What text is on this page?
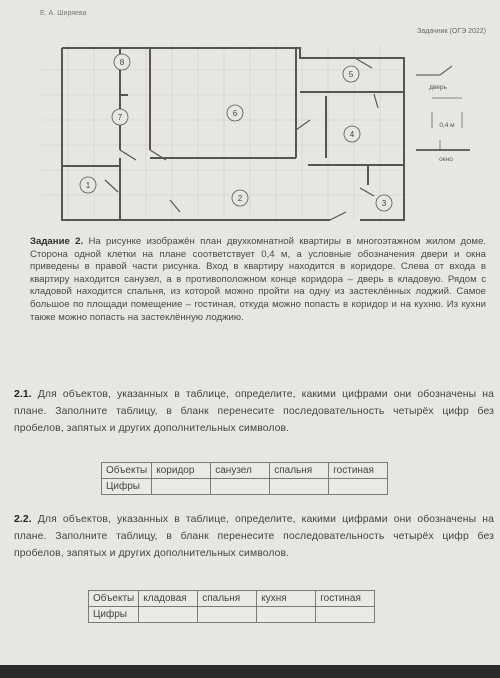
Е. А. Ширяева
Задачник (ОГЭ 2022)
8
5
6
7
4
1
2
3
дверь
0,4 м
окно
Задание 2. На рисунке изображён план двухкомнатной квартиры в многоэтажном жилом доме. Сторона одной клетки на плане соответствует 0,4 м, а условные обозначения двери и окна приведены в правой части рисунка. Вход в квартиру находится в коридоре. Слева от входа в квартиру находится санузел, а в противоположном конце коридора – дверь в кладовую. Рядом с кладовой находится спальня, из которой можно пройти на одну из застеклённых лоджий. Самое большое по площади помещение – гостиная, откуда можно попасть в коридор и на кухню. Из кухни также можно попасть на застеклённую лоджию.
2.1. Для объектов, указанных в таблице, определите, какими цифрами они обозначены на плане. Заполните таблицу, в бланк перенесите последовательность четырёх цифр без пробелов, запятых и других дополнительных символов.
Объекты	коридор	санузел	спальня	гостиная
Цифры				
2.2. Для объектов, указанных в таблице, определите, какими цифрами они обозначены на плане. Заполните таблицу, в бланк перенесите последовательность четырёх цифр без пробелов, запятых и других дополнительных символов.
Объекты	кладовая	спальня	кухня	гостиная
Цифры				
